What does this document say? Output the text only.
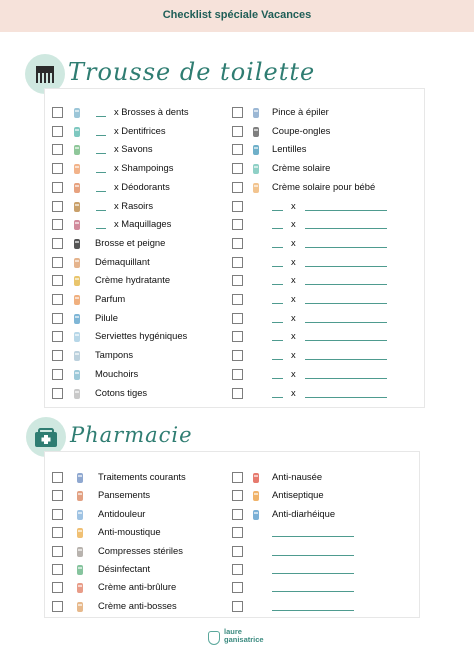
Checklist spéciale Vacances
Trousse de toilette
x Brosses à dents
x Dentifrices
x Savons
x Shampoings
x Déodorants
x Rasoirs
x Maquillages
Brosse et peigne
Démaquillant
Crème hydratante
Parfum
Pilule
Serviettes hygéniques
Tampons
Mouchoirs
Cotons tiges
Pince à épiler
Coupe-ongles
Lentilles
Crème solaire
Crème solaire pour bébé
x
x
x
x
x
x
x
x
x
x
x
Pharmacie
Traitements courants
Pansements
Antidouleur
Anti-moustique
Compresses stériles
Désinfectant
Crème anti-brûlure
Crème anti-bosses
Anti-nausée
Antiseptique
Anti-diarhéique
laure
ganisatrice
